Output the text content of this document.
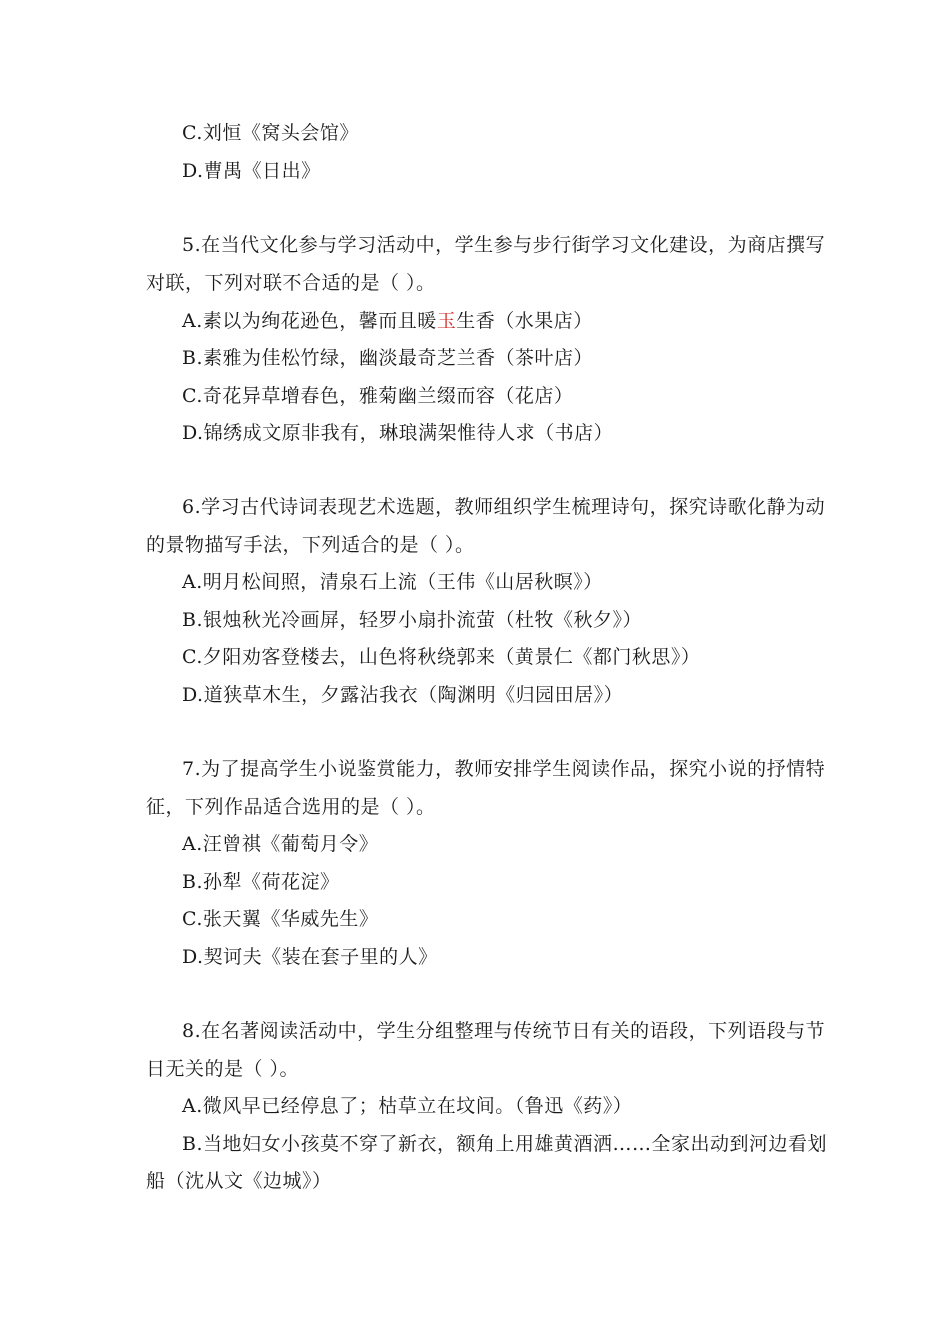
C.刘恒《窝头会馆》
D.曹禺《日出》
5.在当代文化参与学习活动中，学生参与步行街学习文化建设，为商店撰写
对联，下列对联不合适的是（ ）。
A.素以为绚花逊色，馨而且暖玉生香（水果店）
B.素雅为佳松竹绿，幽淡最奇芝兰香（茶叶店）
C.奇花异草增春色，雅菊幽兰缀而容（花店）
D.锦绣成文原非我有，琳琅满架惟待人求（书店）
6.学习古代诗词表现艺术选题，教师组织学生梳理诗句，探究诗歌化静为动
的景物描写手法，下列适合的是（ ）。
A.明月松间照，清泉石上流（王伟《山居秋暝》）
B.银烛秋光冷画屏，轻罗小扇扑流萤（杜牧《秋夕》）
C.夕阳劝客登楼去，山色将秋绕郭来（黄景仁《都门秋思》）
D.道狭草木生，夕露沾我衣（陶渊明《归园田居》）
7.为了提高学生小说鉴赏能力，教师安排学生阅读作品，探究小说的抒情特
征，下列作品适合选用的是（ ）。
A.汪曾祺《葡萄月令》
B.孙犁《荷花淀》
C.张天翼《华威先生》
D.契诃夫《装在套子里的人》
8.在名著阅读活动中，学生分组整理与传统节日有关的语段，下列语段与节
日无关的是（ ）。
A.微风早已经停息了；枯草立在坟间。（鲁迅《药》）
B.当地妇女小孩莫不穿了新衣，额角上用雄黄酒洒……全家出动到河边看划
船（沈从文《边城》）
